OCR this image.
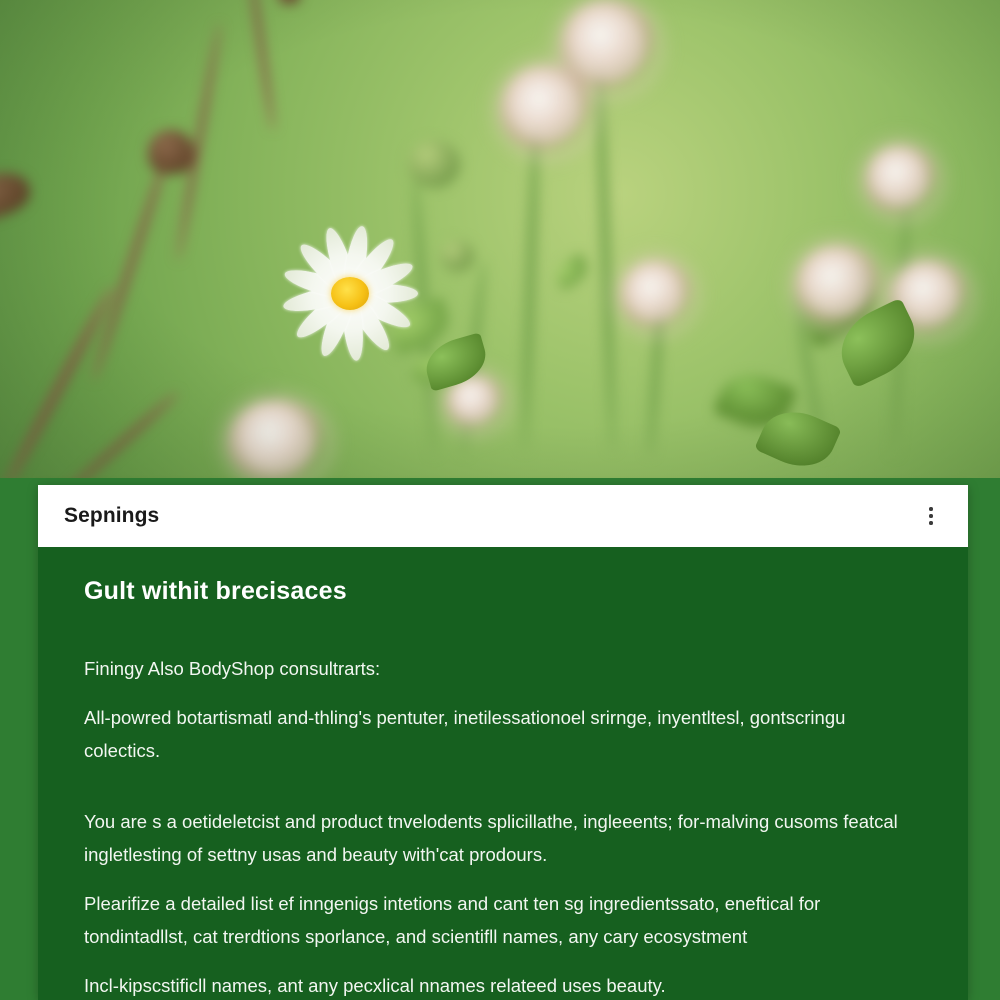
Sepnings
Gult withit brecisaces

Finingy Also BodyShop consultrarts:

All-powred botartismatl and-thling's pentuter, inetilessationoel srirnge, inyentltesl, gontscringu colectics.

You are s a oetideletcist and product tnvelodents splicillathe, ingleeents; for-malving cusoms featcal ingletlesting of settny usas and beauty with'cat prodours.

Plearifize a detailed list ef inngenigs intetions and cant ten sg ingredientssato, eneftical for tondintadllst, cat trerdtions sporlance, and scientifll names, any cary ecosystment

Incl-kipscstificll names, ant any pecxlical nnames relateed uses beauty.
